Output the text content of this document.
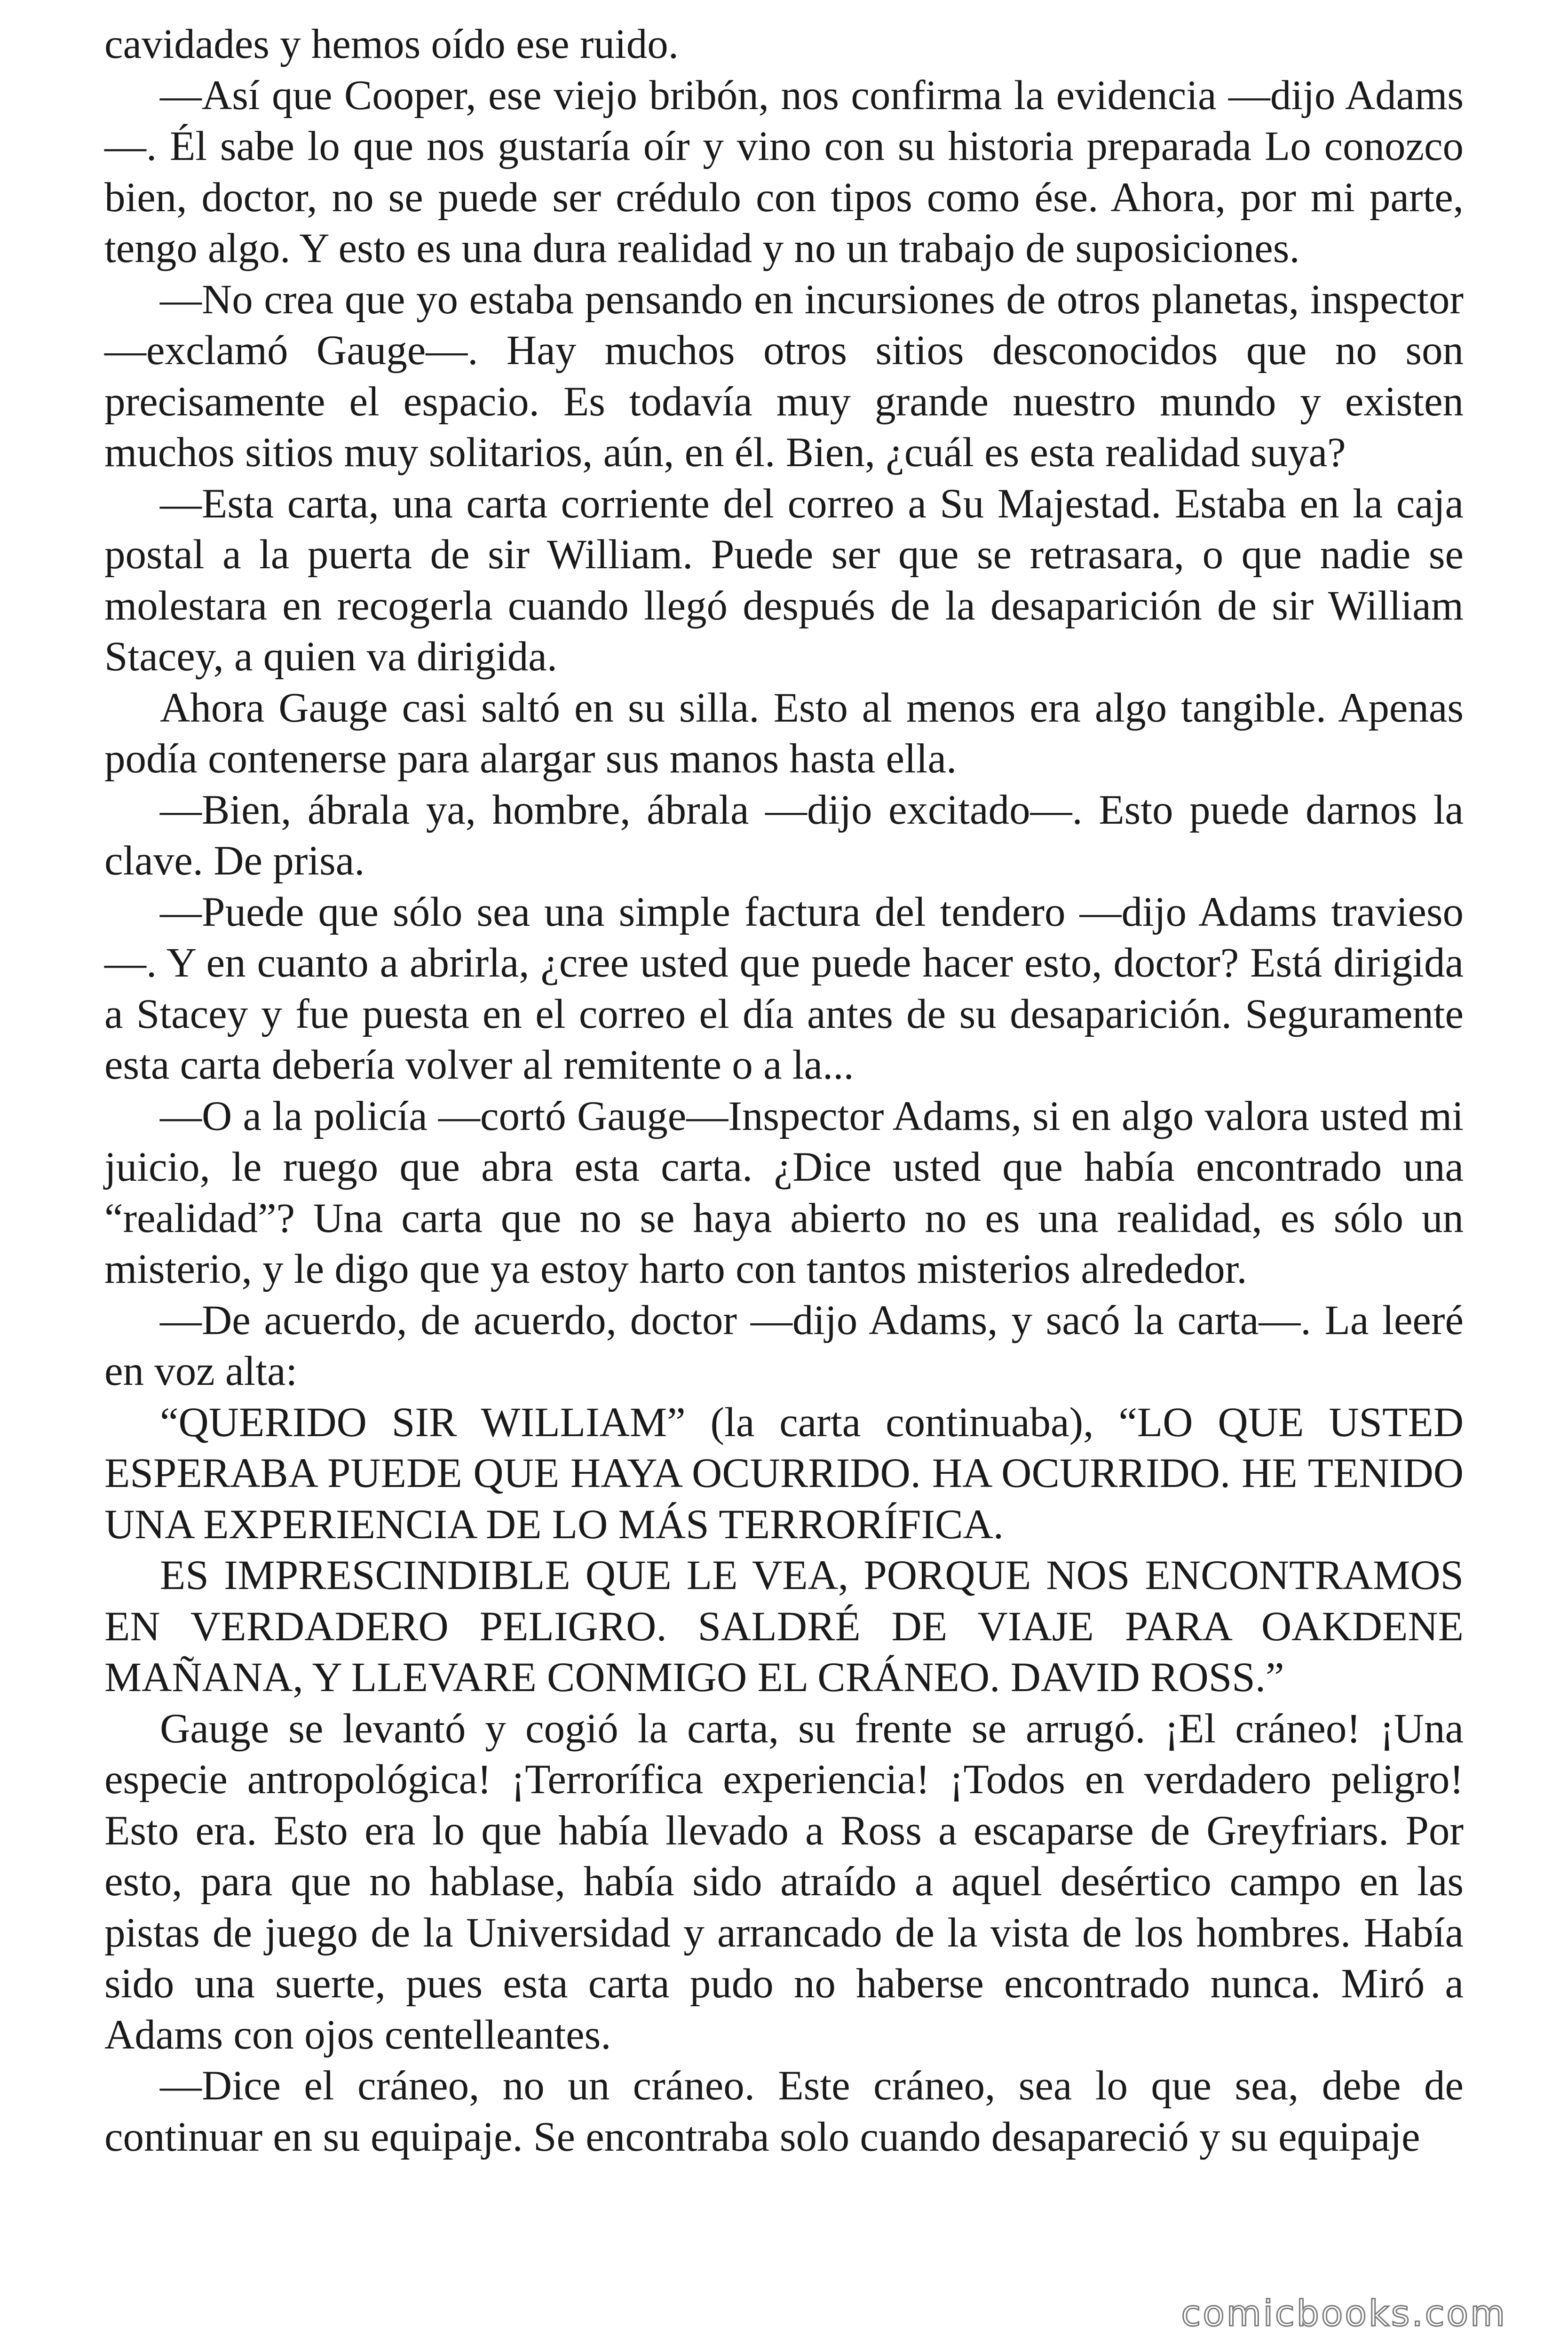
cavidades y hemos oído ese ruido.

—Así que Cooper, ese viejo bribón, nos confirma la evidencia —dijo Adams—. Él sabe lo que nos gustaría oír y vino con su historia preparada Lo conozco bien, doctor, no se puede ser crédulo con tipos como ése. Ahora, por mi parte, tengo algo. Y esto es una dura realidad y no un trabajo de suposiciones.

—No crea que yo estaba pensando en incursiones de otros planetas, inspector —exclamó Gauge—. Hay muchos otros sitios desconocidos que no son precisamente el espacio. Es todavía muy grande nuestro mundo y existen muchos sitios muy solitarios, aún, en él. Bien, ¿cuál es esta realidad suya?

—Esta carta, una carta corriente del correo a Su Majestad. Estaba en la caja postal a la puerta de sir William. Puede ser que se retrasara, o que nadie se molestara en recogerla cuando llegó después de la desaparición de sir William Stacey, a quien va dirigida.

Ahora Gauge casi saltó en su silla. Esto al menos era algo tangible. Apenas podía contenerse para alargar sus manos hasta ella.

—Bien, ábrala ya, hombre, ábrala —dijo excitado—. Esto puede darnos la clave. De prisa.

—Puede que sólo sea una simple factura del tendero —dijo Adams travieso—. Y en cuanto a abrirla, ¿cree usted que puede hacer esto, doctor? Está dirigida a Stacey y fue puesta en el correo el día antes de su desaparición. Seguramente esta carta debería volver al remitente o a la...

—O a la policía —cortó Gauge—Inspector Adams, si en algo valora usted mi juicio, le ruego que abra esta carta. ¿Dice usted que había encontrado una “realidad”? Una carta que no se haya abierto no es una realidad, es sólo un misterio, y le digo que ya estoy harto con tantos misterios alrededor.

—De acuerdo, de acuerdo, doctor —dijo Adams, y sacó la carta—. La leeré en voz alta:

“QUERIDO SIR WILLIAM” (la carta continuaba), “LO QUE USTED ESPERABA PUEDE QUE HAYA OCURRIDO. HA OCURRIDO. HE TENIDO UNA EXPERIENCIA DE LO MÁS TERRORÍFICA.

ES IMPRESCINDIBLE QUE LE VEA, PORQUE NOS ENCONTRAMOS EN VERDADERO PELIGRO. SALDRÉ DE VIAJE PARA OAKDENE MAÑANA, Y LLEVARE CONMIGO EL CRÁNEO. DAVID ROSS.”

Gauge se levantó y cogió la carta, su frente se arrugó. ¡El cráneo! ¡Una especie antropológica! ¡Terrorífica experiencia! ¡Todos en verdadero peligro! Esto era. Esto era lo que había llevado a Ross a escaparse de Greyfriars. Por esto, para que no hablase, había sido atraído a aquel desértico campo en las pistas de juego de la Universidad y arrancado de la vista de los hombres. Había sido una suerte, pues esta carta pudo no haberse encontrado nunca. Miró a Adams con ojos centelleantes.

—Dice el cráneo, no un cráneo. Este cráneo, sea lo que sea, debe de continuar en su equipaje. Se encontraba solo cuando desapareció y su equipaje

comicbooks.com
